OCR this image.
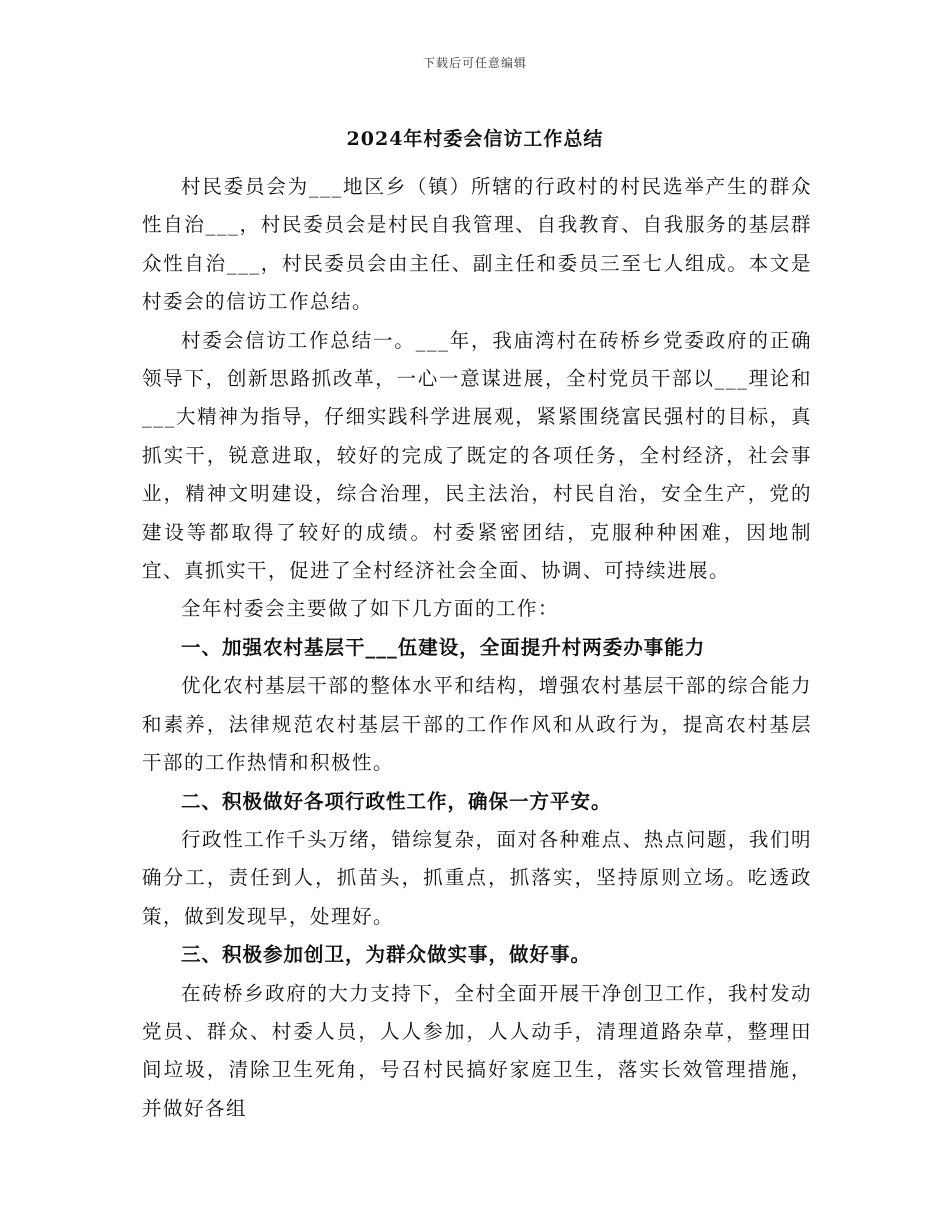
下载后可任意编辑
2024年村委会信访工作总结

村民委员会为___地区乡（镇）所辖的行政村的村民选举产生的群众性自治___，村民委员会是村民自我管理、自我教育、自我服务的基层群众性自治___，村民委员会由主任、副主任和委员三至七人组成。本文是村委会的信访工作总结。

村委会信访工作总结一。___年，我庙湾村在砖桥乡党委政府的正确领导下，创新思路抓改革，一心一意谋进展，全村党员干部以___理论和___大精神为指导，仔细实践科学进展观，紧紧围绕富民强村的目标，真抓实干，锐意进取，较好的完成了既定的各项任务，全村经济，社会事业，精神文明建设，综合治理，民主法治，村民自治，安全生产，党的建设等都取得了较好的成绩。村委紧密团结，克服种种困难，因地制宜、真抓实干，促进了全村经济社会全面、协调、可持续进展。

全年村委会主要做了如下几方面的工作：

一、加强农村基层干___伍建设，全面提升村两委办事能力

优化农村基层干部的整体水平和结构，增强农村基层干部的综合能力和素养，法律规范农村基层干部的工作作风和从政行为，提高农村基层干部的工作热情和积极性。

二、积极做好各项行政性工作，确保一方平安。

行政性工作千头万绪，错综复杂，面对各种难点、热点问题，我们明确分工，责任到人，抓苗头，抓重点，抓落实，坚持原则立场。吃透政策，做到发现早，处理好。

三、积极参加创卫，为群众做实事，做好事。

在砖桥乡政府的大力支持下，全村全面开展干净创卫工作，我村发动党员、群众、村委人员，人人参加，人人动手，清理道路杂草，整理田间垃圾，清除卫生死角，号召村民搞好家庭卫生，落实长效管理措施，并做好各组
